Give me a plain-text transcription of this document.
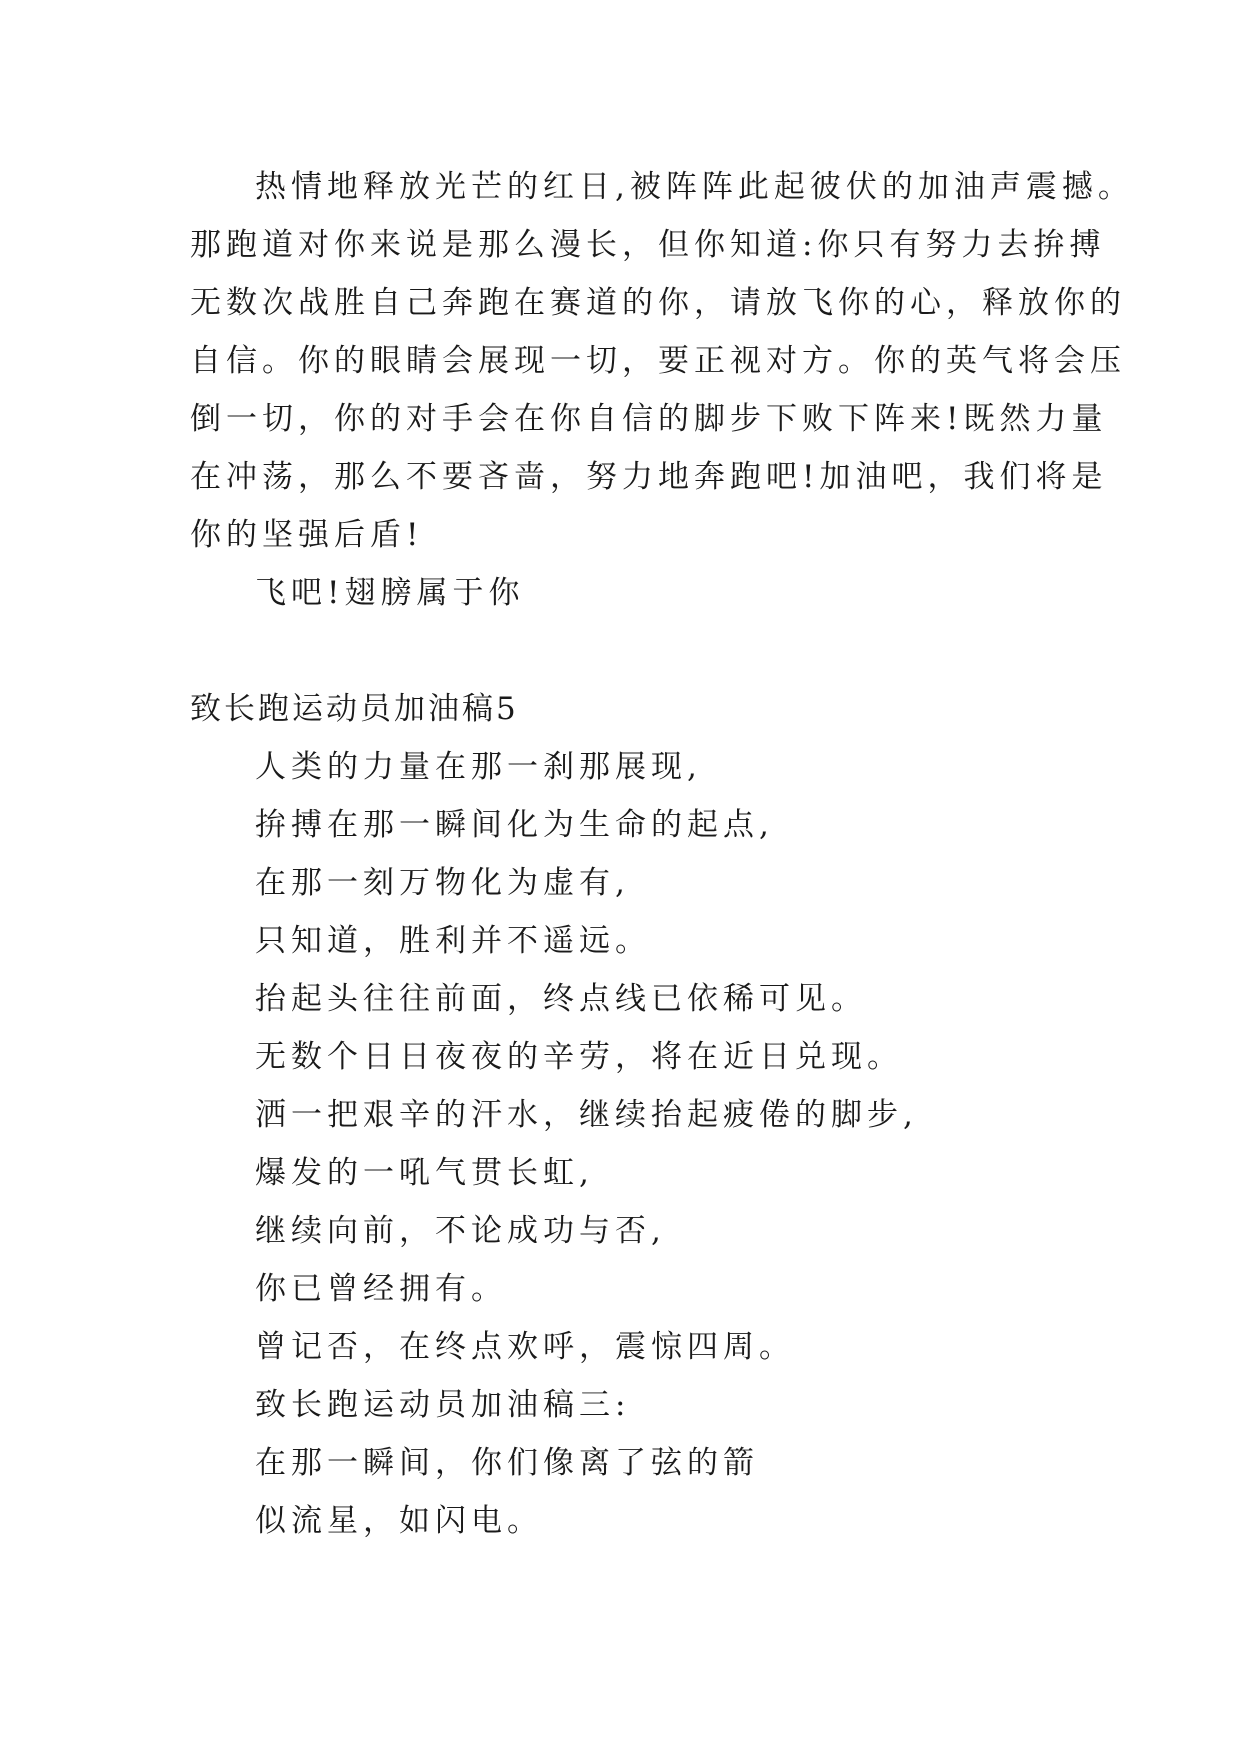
热情地释放光芒的红日,被阵阵此起彼伏的加油声震撼。

那跑道对你来说是那么漫长，但你知道:你只有努力去拚搏

无数次战胜自己奔跑在赛道的你，请放飞你的心，释放你的

自信。你的眼睛会展现一切，要正视对方。你的英气将会压

倒一切，你的对手会在你自信的脚步下败下阵来!既然力量

在冲荡，那么不要吝啬，努力地奔跑吧!加油吧，我们将是

你的坚强后盾!

飞吧!翅膀属于你

致长跑运动员加油稿5

人类的力量在那一刹那展现,

拚搏在那一瞬间化为生命的起点,

在那一刻万物化为虚有,

只知道，胜利并不遥远。

抬起头往往前面，终点线已依稀可见。

无数个日日夜夜的辛劳，将在近日兑现。

洒一把艰辛的汗水，继续抬起疲倦的脚步,

爆发的一吼气贯长虹,

继续向前，不论成功与否,

你已曾经拥有。

曾记否，在终点欢呼，震惊四周。

致长跑运动员加油稿三:

在那一瞬间，你们像离了弦的箭

似流星，如闪电。
